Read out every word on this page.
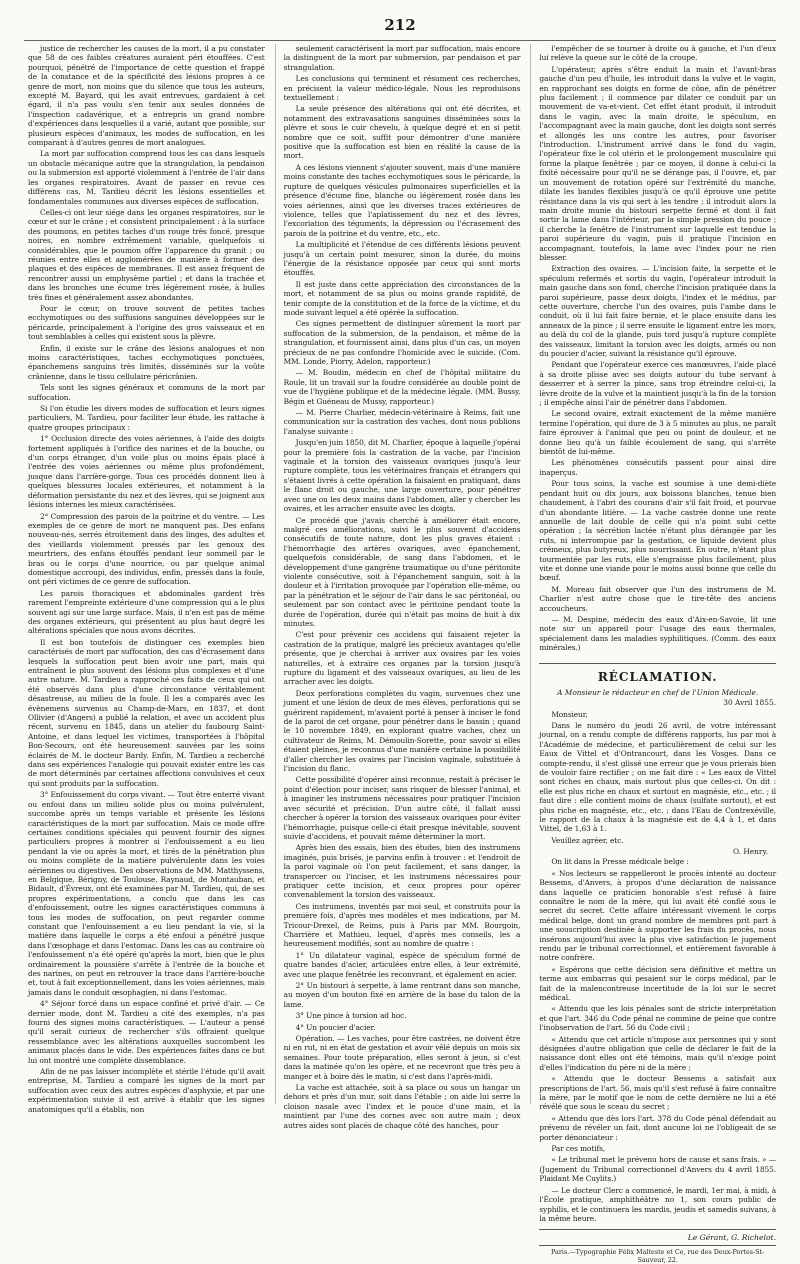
212

justice de rechercher les causes de la mort, il a pu constater que 58 de ces faibles créatures auraient péri étouffées. C'est pourquoi, pénétré de l'importance de cette question et frappé de la constance et de la spécificité des lésions propres à ce genre de mort, non moins que du silence que tous les auteurs, excepté M. Bayard, qui les avait entrevues, gardaient à cet égard, il n'a pas voulu s'en tenir aux seules données de l'inspection cadavérique, et a entrepris un grand nombre d'expériences dans lesquelles il a varié, autant que possible, sur plusieurs espèces d'animaux, les modes de suffocation, en les comparant à d'autres genres de mort analogues.

La mort par suffocation comprend tous les cas dans lesquels un obstacle mécanique autre que la strangulation, la pendaison ou la submersion est apporté violemment à l'entrée de l'air dans les organes respiratoires. Avant de passer en revue ces différens cas, M. Tardieu décrit les lésions essentielles et fondamentales communes aux diverses espèces de suffocation.

Celles-ci ont leur siége dans les organes respiratoires, sur le cœur et sur le crâne ; et consistent principalement : à la surface des poumons, en petites taches d'un rouge très foncé, presque noires, en nombre extrêmement variable, quelquefois si considérables, que le poumon offre l'apparence du granit ; ou réunies entre elles et agglomérées de manière à former des plaques et des espèces de membranes. Il est assez fréquent de rencontrer aussi un emphysème partiel ; et dans la trachée et dans les bronches une écume très légèrement rosée, à bulles très fines et généralement assez abondantes.

Pour le cœur, on trouve souvent de petites taches ecchymotiques ou des suffusions sanguines développées sur le péricarde, principalement à l'origine des gros vaisseaux et en tout semblables à celles qui existent sous la plèvre.

Enfin, il existe sur le crâne des lésions analogues et non moins caractéristiques, taches ecchymotiques ponctuées, épanchemens sanguins très limités, disséminés sur la voûte crânienne, dans le tissu cellulaire péricrânien.

Tels sont les signes généraux et communs de la mort par suffocation.

Si l'on étudie les divers modes de suffocation et leurs signes particuliers, M. Tardieu, pour faciliter leur étude, les rattache à quatre groupes principaux :

1° Occlusion directe des voies aériennes, à l'aide des doigts fortement appliqués à l'orifice des narines et de la bouche, ou d'un corps étranger, d'un voile plus ou moins épais placé à l'entrée des voies aériennes ou même plus profondément, jusque dans l'arrière-gorge. Tous ces procédés donnent lieu à quelques blessures locales extérieures, et notamment à la déformation persistante du nez et des lèvres, qui se joignent aux lésions internes les mieux caractérisées.

2° Compression des parois de la poitrine et du ventre. — Les exemples de ce genre de mort ne manquent pas. Des enfans nouveau-nés, serrés étroitement dans des linges, des adultes et des vieillards violemment pressés par les genoux des meurtriers, des enfans étouffés pendant leur sommeil par le bras ou le corps d'une nourrice, ou par quelque animal domestique accroupi, des individus, enfin, pressés dans la foule, ont péri victimes de ce genre de suffocation.

Les parois thoraciques et abdominales gardent très rarement l'empreinte extérieure d'une compression qui a le plus souvent agi sur une large surface. Mais, il n'en est pas de même des organes extérieurs, qui présentent au plus haut degré les altérations spéciales que nous avons décrites.

Il est bon toutefois de distinguer ces exemples bien caractérisés de mort par suffocation, des cas d'écrasement dans lesquels la suffocation peut bien avoir une part, mais qui entraînent le plus souvent des lésions plus complexes et d'une autre nature. M. Tardieu a rapproché ces faits de ceux qui ont été observés dans plus d'une circonstance véritablement désastreuse, au milieu de la foule. Il les a comparés avec les évènemens survenus au Champ-de-Mars, en 1837, et dont Ollivier (d'Angers) a publié la relation, et avec un accident plus récent, survenu en 1845, dans un atelier du faubourg Saint-Antoine, et dans lequel les victimes, transportées à l'hôpital Bon-Secours, ont été heureusement sauvées par les soins éclairés de M. le docteur Bardy. Enfin, M. Tardieu a recherché dans ses expériences l'analogie qui pouvait exister entre les cas de mort déterminés par certaines affections convulsives et ceux qui sont produits par la suffocation.

3° Enfouissement du corps vivant. — Tout être enterré vivant ou enfoui dans un milieu solide plus ou moins pulvérulent, succombe après un temps variable et présente les lésions caractéristiques de la mort par suffocation. Mais ce mode offre certaines conditions spéciales qui peuvent fournir des signes particuliers propres à montrer si l'enfouissement a eu lieu pendant la vie ou après la mort, et tirés de la pénétration plus ou moins complète de la matière pulvérulente dans les voies aériennes ou digestives. Des observations de MM. Matthyssens, en Belgique, Bérigny, de Toulouse, Raynaud, de Montauban, et Bidault, d'Évreux, ont été examinées par M. Tardieu, qui, de ses propres expérimentations, a conclu que dans les cas d'enfouissement, outre les signes caractéristiques communs à tous les modes de suffocation, on peut regarder comme constant que l'enfouissement a eu lieu pendant la vie, si la matière dans laquelle le corps a été enfoui a pénétré jusque dans l'œsophage et dans l'estomac. Dans les cas au contraire où l'enfouissement n'a été opéré qu'après la mort, bien que le plus ordinairement la poussière s'arrête à l'entrée de la bouche et des narines, on peut en retrouver la trace dans l'arrière-bouche et, tout à fait exceptionnellement, dans les voies aériennes, mais jamais dans le conduit œsophagien, ni dans l'estomac.

4° Séjour forcé dans un espace confiné et privé d'air. — Ce dernier mode, dont M. Tardieu a cité des exemples, n'a pas fourni des signes moins caractéristiques. — L'auteur a pensé qu'il serait curieux de rechercher s'ils offraient quelque ressemblance avec les altérations auxquelles succombent les animaux placés dans le vide. Des expériences faites dans ce but lui ont montré une complète dissemblance.

Afin de ne pas laisser incomplète et stérile l'étude qu'il avait entreprise, M. Tardieu a comparé les signes de la mort par suffocation avec ceux des autres espèces d'asphyxie, et par une expérimentation suivie il est arrivé à établir que les signes anatomiques qu'il a établis, non

seulement caractérisent la mort par suffocation, mais encore la distinguent de la mort par submersion, par pendaison et par strangulation.

Les conclusions qui terminent et résument ces recherches, en précisent la valeur médico-légale. Nous les reproduisons textuellement :

La seule présence des altérations qui ont été décrites, et notamment des extravasations sanguines disséminées sous la plèvre et sous le cuir chevelu, à quelque degré et en si petit nombre que ce soit, suffit pour démontrer d'une manière positive que la suffocation est bien en réalité la cause de la mort.

A ces lésions viennent s'ajouter souvent, mais d'une manière moins constante des taches ecchymotiques sous le péricarde, la rupture de quelques vésicules pulmonaires superficielles et la présence d'écume fine, blanche ou légèrement rosée dans les voies aériennes, ainsi que les diverses traces extérieures de violence, telles que l'aplatissement du nez et des lèvres, l'excoriation des téguments, la dépression ou l'écrasement des parois de la poitrine et du ventre, etc., etc.

La multiplicité et l'étendue de ces différents lésions peuvent jusqu'à un certain point mesurer, sinon la durée, du moins l'énergie de la résistance opposée par ceux qui sont morts étouffés.

Il est juste dans cette appréciation des circonstances de la mort, et notamment de sa plus ou moins grande rapidité, de tenir compte de la constitution et de la force de la victime, et du mode suivant lequel a été opérée la suffocation.

Ces signes permettent de distinguer sûrement la mort par suffocation de la submersion, de la pendaison, et même de la strangulation, et fournissent ainsi, dans plus d'un cas, un moyen précieux de ne pas confondre l'homicide avec le suicide. (Com. MM. Londe, Piorry, Adelon, rapporteur.)

— M. Boudin, médecin en chef de l'hôpital militaire du Roule, lit un travail sur la foudre considérée au double point de vue de l'hygiène publique et de la médecine légale. (MM. Bussy, Bégin et Guéneau de Mussy, rapporteur.)

— M. Pierre Charlier, médecin-vétérinaire à Reims, fait une communication sur la castration des vaches, dont nous publions l'analyse suivante :

Jusqu'en juin 1850, dit M. Charlier, époque à laquelle j'opérai pour la première fois la castration de la vache, par l'incision vaginale et la torsion des vaisseaux ovariques jusqu'à leur rupture complète, tous les vétérinaires français et étrangers qui s'étaient livrés à cette opération la faisaient en pratiquant, dans le flanc droit ou gauche, une large ouverture, pour pénétrer avec une ou les deux mains dans l'abdomen, aller y chercher les ovaires, et les arracher ensuite avec les doigts.

Ce procédé que j'avais cherché à améliorer était encore, malgré ces améliorations, suivi le plus souvent d'accidens consécutifs de toute nature, dont les plus graves étaient : l'hémorrhagie des artères ovariques, avec épanchement, quelquefois considérable, de sang dans l'abdomen, et le développement d'une gangrène traumatique ou d'une péritonite violente consécutive, soit à l'épanchement sanguin, soit à la douleur et à l'irritation provoquée par l'opération elle-même, ou par la pénétration et le séjour de l'air dans le sac péritonéal, ou seulement par son contact avec le péritoine pendant toute la durée de l'opération, durée qui n'était pas moins de huit à dix minutes.

C'est pour prévenir ces accidens qui faisaient rejeter la castration de la pratique, malgré les précieux avantages qu'elle présente, que je cherchai à arriver aux ovaires par les voies naturelles, et à extraire ces organes par la torsion jusqu'à rupture du ligament et des vaisseaux ovariques, au lieu de les arracher avec les doigts.

Deux perforations complètes du vagin, survenues chez une jument et une lésion de deux de mes élèves, perforations qui se guérirent rapidement, m'avaient porté à penser à inciser le fond de la paroi de cet organe, pour pénétrer dans le bassin ; quand le 10 novembre 1849, en explorant quatre vaches, chez un cultivateur de Reims, M. Démoulin-Sorette, pour savoir si elles étaient pleines, je reconnus d'une manière certaine la possibilité d'aller chercher les ovaires par l'incision vaginale, substituée à l'incision du flanc.

Cette possibilité d'opérer ainsi reconnue, restait à préciser le point d'élection pour inciser, sans risquer de blesser l'animal, et à imaginer les instrumens nécessaires pour pratiquer l'incision avec sécurité et précision. D'un autre côté, il fallait aussi chercher à opérer la torsion des vaisseaux ovariques pour éviter l'hémorrhagie, puisque celle-ci était presque inévitable, souvent suivie d'accidens, et pouvait même déterminer la mort.

Après bien des essais, bien des études, bien des instrumens imaginés, puis brisés, je parvins enfin à trouver : et l'endroit de la paroi vaginale où l'on peut facilement, et sans danger, la transpercer ou l'inciser, et les instrumens nécessaires pour pratiquer cette incision, et ceux propres pour opérer convenablement la torsion des vaisseaux.

Ces instrumens, inventés par moi seul, et construits pour la première fois, d'après mes modèles et mes indications, par M. Tricour-Drexel, de Reims, puis à Paris par MM. Bourgoin, Charrière et Mathieu, lequel, d'après mes conseils, les a heureusement modifiés, sont au nombre de quatre :

1° Un dilatateur vaginal, espèce de spéculum formé de quatre bandes d'acier, articulées entre elles, à leur extrémité, avec une plaque fenêtrée les reconvrant, et également en acier.

2° Un bistouri à serpette, à lame rentrant dans son manche, au moyen d'un bouton fixé en arrière de la base du talon de la lame.

3° Une pince à torsion ad hoc.

4° Un poucier d'acier.

Opération. — Les vaches, pour être castrées, ne doivent être ni en rut, ni en état de gestation et avoir vêlé depuis un mois six semaines. Pour toute préparation, elles seront à jeun, si c'est dans la matinée qu'on les opère, et ne recevront que très peu à manger et à boire dès le matin, si c'est dans l'après-midi.

La vache est attachée, soit à sa place ou sous un hangar un dehors et près d'un mur, soit dans l'étable ; on aide lui serre la cloison nasale avec l'index et le pouce d'une main, et la maintient par l'une des cornes avec son autre main ; deux autres aides sont placés de chaque côté des hanches, pour

l'empêcher de se tourner à droite ou à gauche, et l'un d'eux lui relève la queue sur le côté de la croupe.

L'opérateur, après s'être enduit la main et l'avant-bras gauche d'un peu d'huile, les introduit dans la vulve et le vagin, en rapprochant ses doigts en forme de cône, afin de pénétrer plus facilement ; il commence par dilater ce conduit par un mouvement de va-et-vient. Cet effet étant produit, il introduit dans le vagin, avec la main droite, le spéculum, en l'accompagnant avec la main gauche, dont les doigts sont serrés et allongés les uns contre les autres, pour favoriser l'introduction. L'instrument arrivé dans le fond du vagin, l'opérateur fixe le col utérin et le prolongement musculaire qui forme la plaque fenêtrée ; par ce moyen, il donne à celui-ci la fixité nécessaire pour qu'il ne se dérange pas, il l'ouvre, et, par un mouvement de rotation opéré sur l'extrémité du manche, dilate les bandes flexibles jusqu'à ce qu'il éprouve une petite résistance dans la vis qui sert à les tendre ; il introduit alors la main droite munie du bistouri serpette fermé et dont il fait sortir la lame dans l'intérieur, par la simple pression du pouce ; il cherche la fenêtre de l'instrument sur laquelle est tendue la paroi supérieure du vagin, puis il pratique l'incision en accompagnant, toutefois, la lame avec l'index pour ne rien blesser.

Extraction des ovaires. — L'incision faite, la serpette et le spéculum refermés et sortis du vagin, l'opérateur introduit la main gauche dans son fond, cherche l'incision pratiquée dans la paroi supérieure, passe deux doigts, l'index et le médius, par cette ouverture, cherche l'un des ovaires, puis l'ambe dans le conduit, où il lui fait faire bernie, et le place ensuite dans les anneaux de la pince ; il serre ensuite le ligament entre les mors, au delà du col de la glande, puis tord jusqu'à rupture complète des vaisseaux, limitant la torsion avec les doigts, armés ou non du poucier d'acier, suivant la résistance qu'il éprouve.

Pendant que l'opérateur exerce ces manœuvres, l'aide placé à sa droite plisse avec ses doigts autour du tube servant à desserrer et à serrer la pince, sans trop étreindre celui-ci, la lèvre droite de la vulve et la maintient jusqu'à la fin de la torsion ; il empêche ainsi l'air de pénétrer dans l'abdomen.

Le second ovaire, extrait exactement de la même manière termine l'opération, qui dure de 3 à 5 minutes au plus, ne paraît faire éprouver à l'animal que peu ou point de douleur, et ne donne lieu qu'à un faible écoulement de sang, qui s'arrête bientôt de lui-même.

Les phénomènes consécutifs passent pour ainsi dire inaperçus.

Pour tous soins, la vache est soumise à une demi-diète pendant huit ou dix jours, aux boissons blanches, tenue bien chaudement, à l'abri des courans d'air s'il fait froid, et pourvue d'un abondante litière. — La vache castrée donne une rente annuelle de lait double de celle qui n'a point subi cette opération ; la sécrétion lactée n'étant plus dérangée par les ruts, ni interrompue par la gestation, ce liquide devient plus crémeux, plus butyreux, plus nourrissant. En outre, n'étant plus tourmentée par les ruts, elle s'engraisse plus facilement, plus vite et donne une viande pour le moins aussi bonne que celle du bœuf.

M. Moreau fait observer que l'un des instrumens de M. Charlier n'est autre chose que le tire-tête des anciens accoucheurs.

— M. Despine, médecin des eaux d'Aix-en-Savoie, lit une note sur un appareil pour l'usage des eaux thermales, spécialement dans les maladies syphilitiques. (Comm. des eaux minérales.)

RÉCLAMATION.
A Monsieur le rédacteur en chef de l'Union Médicale.
30 Avril 1855.

Monsieur,

Dans le numéro du jeudi 26 avril, de votre intéressant journal, on a rendu compte de différens rapports, lus par moi à l'Académie de médecine, et particulièrement de celui sur les Eaux de Vittel et d'Ontrancourt, dans les Vosges. Dans ce compte-rendu, il s'est glissé une erreur que je vous prierais bien de vouloir faire rectifier ; on me fait dire : « Les eaux de Vittel sont riches en chaux, mais surtout plus que celles-ci. On dit : elle est plus riche en chaux et surtout en magnésie, etc., etc. ; il faut dire : elle contient moins de chaux (sulfate surtout), et est plus riche en magnésie, etc., etc. ; dans l'Eau de Contrexéville, le rapport de la chaux à la magnésie est de 4,4 à 1, et dans Vittel, de 1,63 à 1.

Veuillez agréer, etc.

O. Henry.

On lit dans la Presse médicale belge :

« Nos lecteurs se rappelleront le procès intenté au docteur Bessems, d'Anvers, à propos d'une déclaration de naissance dans laquelle ce praticien honorable s'est refusé à faire connaître le nom de la mère, qui lui avait été confié sous le secret du secret. Cette affaire intéressant vivement le corps médical belge, dont un grand nombre de membres prit part à une souscription destinée à supporter les frais du procès, nous insérons aujourd'hui avec la plus vive satisfaction le jugement rendu par le tribunal correctionnel, et entièrement favorable à notre confrère.

« Espérons que cette décision sera définitive et mettra un terme aux embarras qui pesaient sur le corps médical, par le fait de la malencontreuse incertitude de la loi sur le secret médical.

« Attendu que les lois pénales sont de stricte interprétation et que l'art. 346 du Code pénal ne commine de peine que contre l'inobservation de l'art. 56 du Code civil ;

« Attendu que cet article n'impose aux personnes qui y sont désignées d'autre obligation que celle de déclarer le fait de la naissance dont elles ont été témoins, mais qu'il n'exige point d'elles l'indication du père ni de la mère ;

« Attendu que le docteur Bessems a satisfait aux prescriptions de l'art. 56, mais qu'il s'est refusé à faire connaître la mère, par le motif que le nom de cette dernière ne lui a été révélé que sous le sceau du secret ;

« Attendu que dès lors l'art. 378 du Code pénal défendait au prévenu de révéler un fait, dont aucune loi ne l'obligeait de se porter dénonciateur :

Par ces motifs,

« Le tribunal met le prévenu hors de cause et sans frais. » — (Jugement du Tribunal correctionnel d'Anvers du 4 avril 1855. Plaidant Me Cuylits.)

— Le docteur Clerc a commencé, le mardi, 1er mai, à midi, à l'École pratique, amphithéâtre no 1, son cours public de syphilis, et le continuera les mardis, jeudis et samedis suivans, à la même heure.

Le Gérant, G. Richelot.
Paris.—Typographie Félix Malteste et Ce, rue des Deux-Portes-St-Sauveur, 22.
